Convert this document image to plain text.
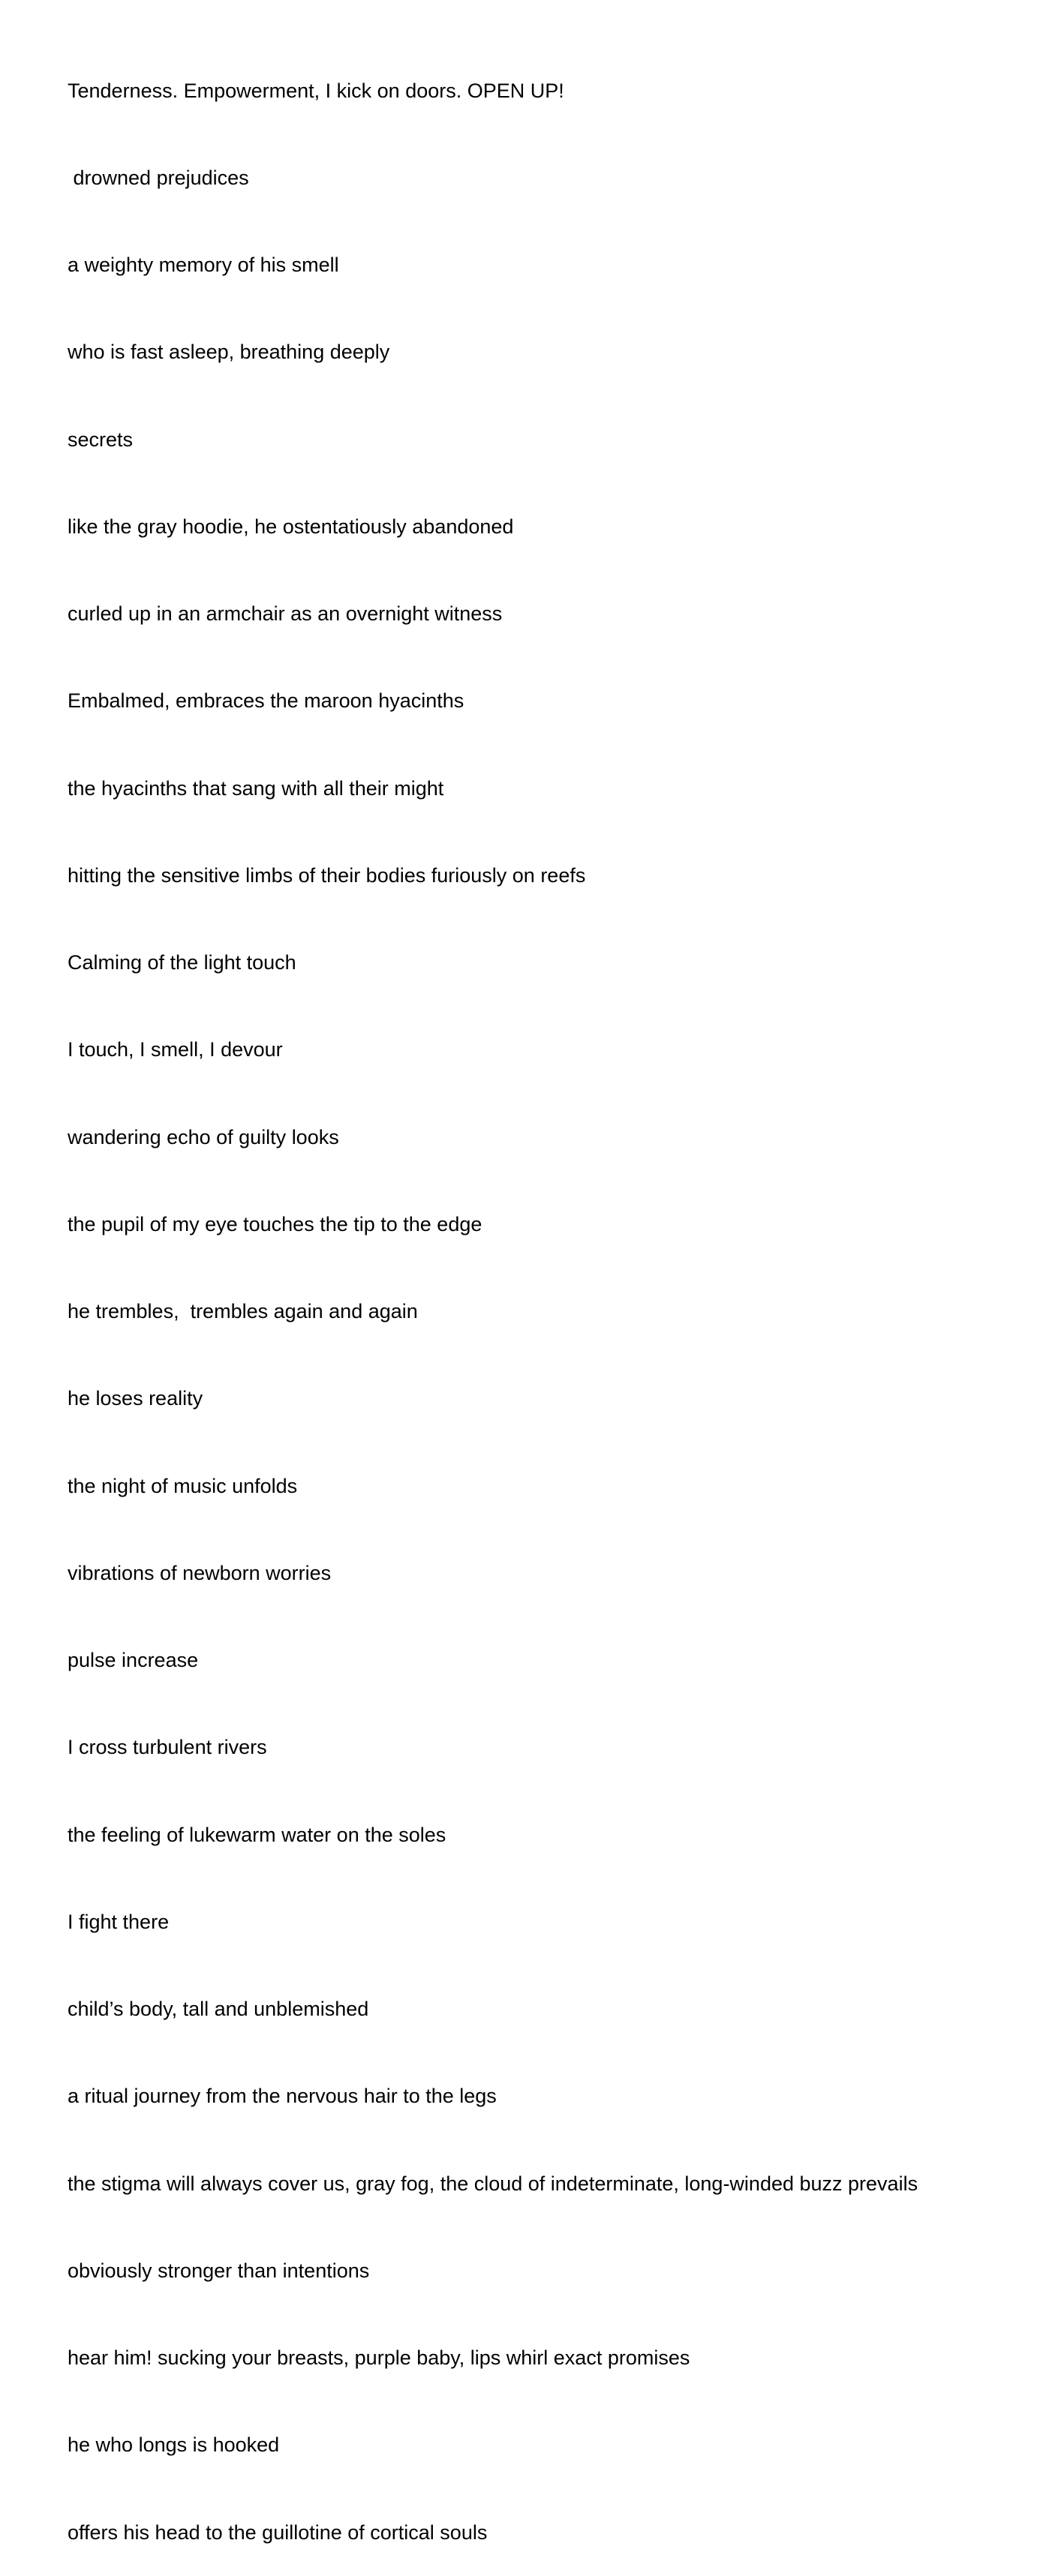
Tenderness. Empowerment, I kick on doors. OPEN UP!

drowned prejudices

a weighty memory of his smell

who is fast asleep, breathing deeply

secrets

like the gray hoodie, he ostentatiously abandoned

curled up in an armchair as an overnight witness

Embalmed, embraces the maroon hyacinths

the hyacinths that sang with all their might

hitting the sensitive limbs of their bodies furiously on reefs

Calming of the light touch

I touch, I smell, I devour

wandering echo of guilty looks

the pupil of my eye touches the tip to the edge

he trembles,  trembles again and again

he loses reality

the night of music unfolds

vibrations of newborn worries

pulse increase

I cross turbulent rivers

the feeling of lukewarm water on the soles

I fight there

child’s body, tall and unblemished

a ritual journey from the nervous hair to the legs

the stigma will always cover us, gray fog, the cloud of indeterminate, long-winded buzz prevails

obviously stronger than intentions

hear him! sucking your breasts, purple baby, lips whirl exact promises

he who longs is hooked

offers his head to the guillotine of cortical souls
